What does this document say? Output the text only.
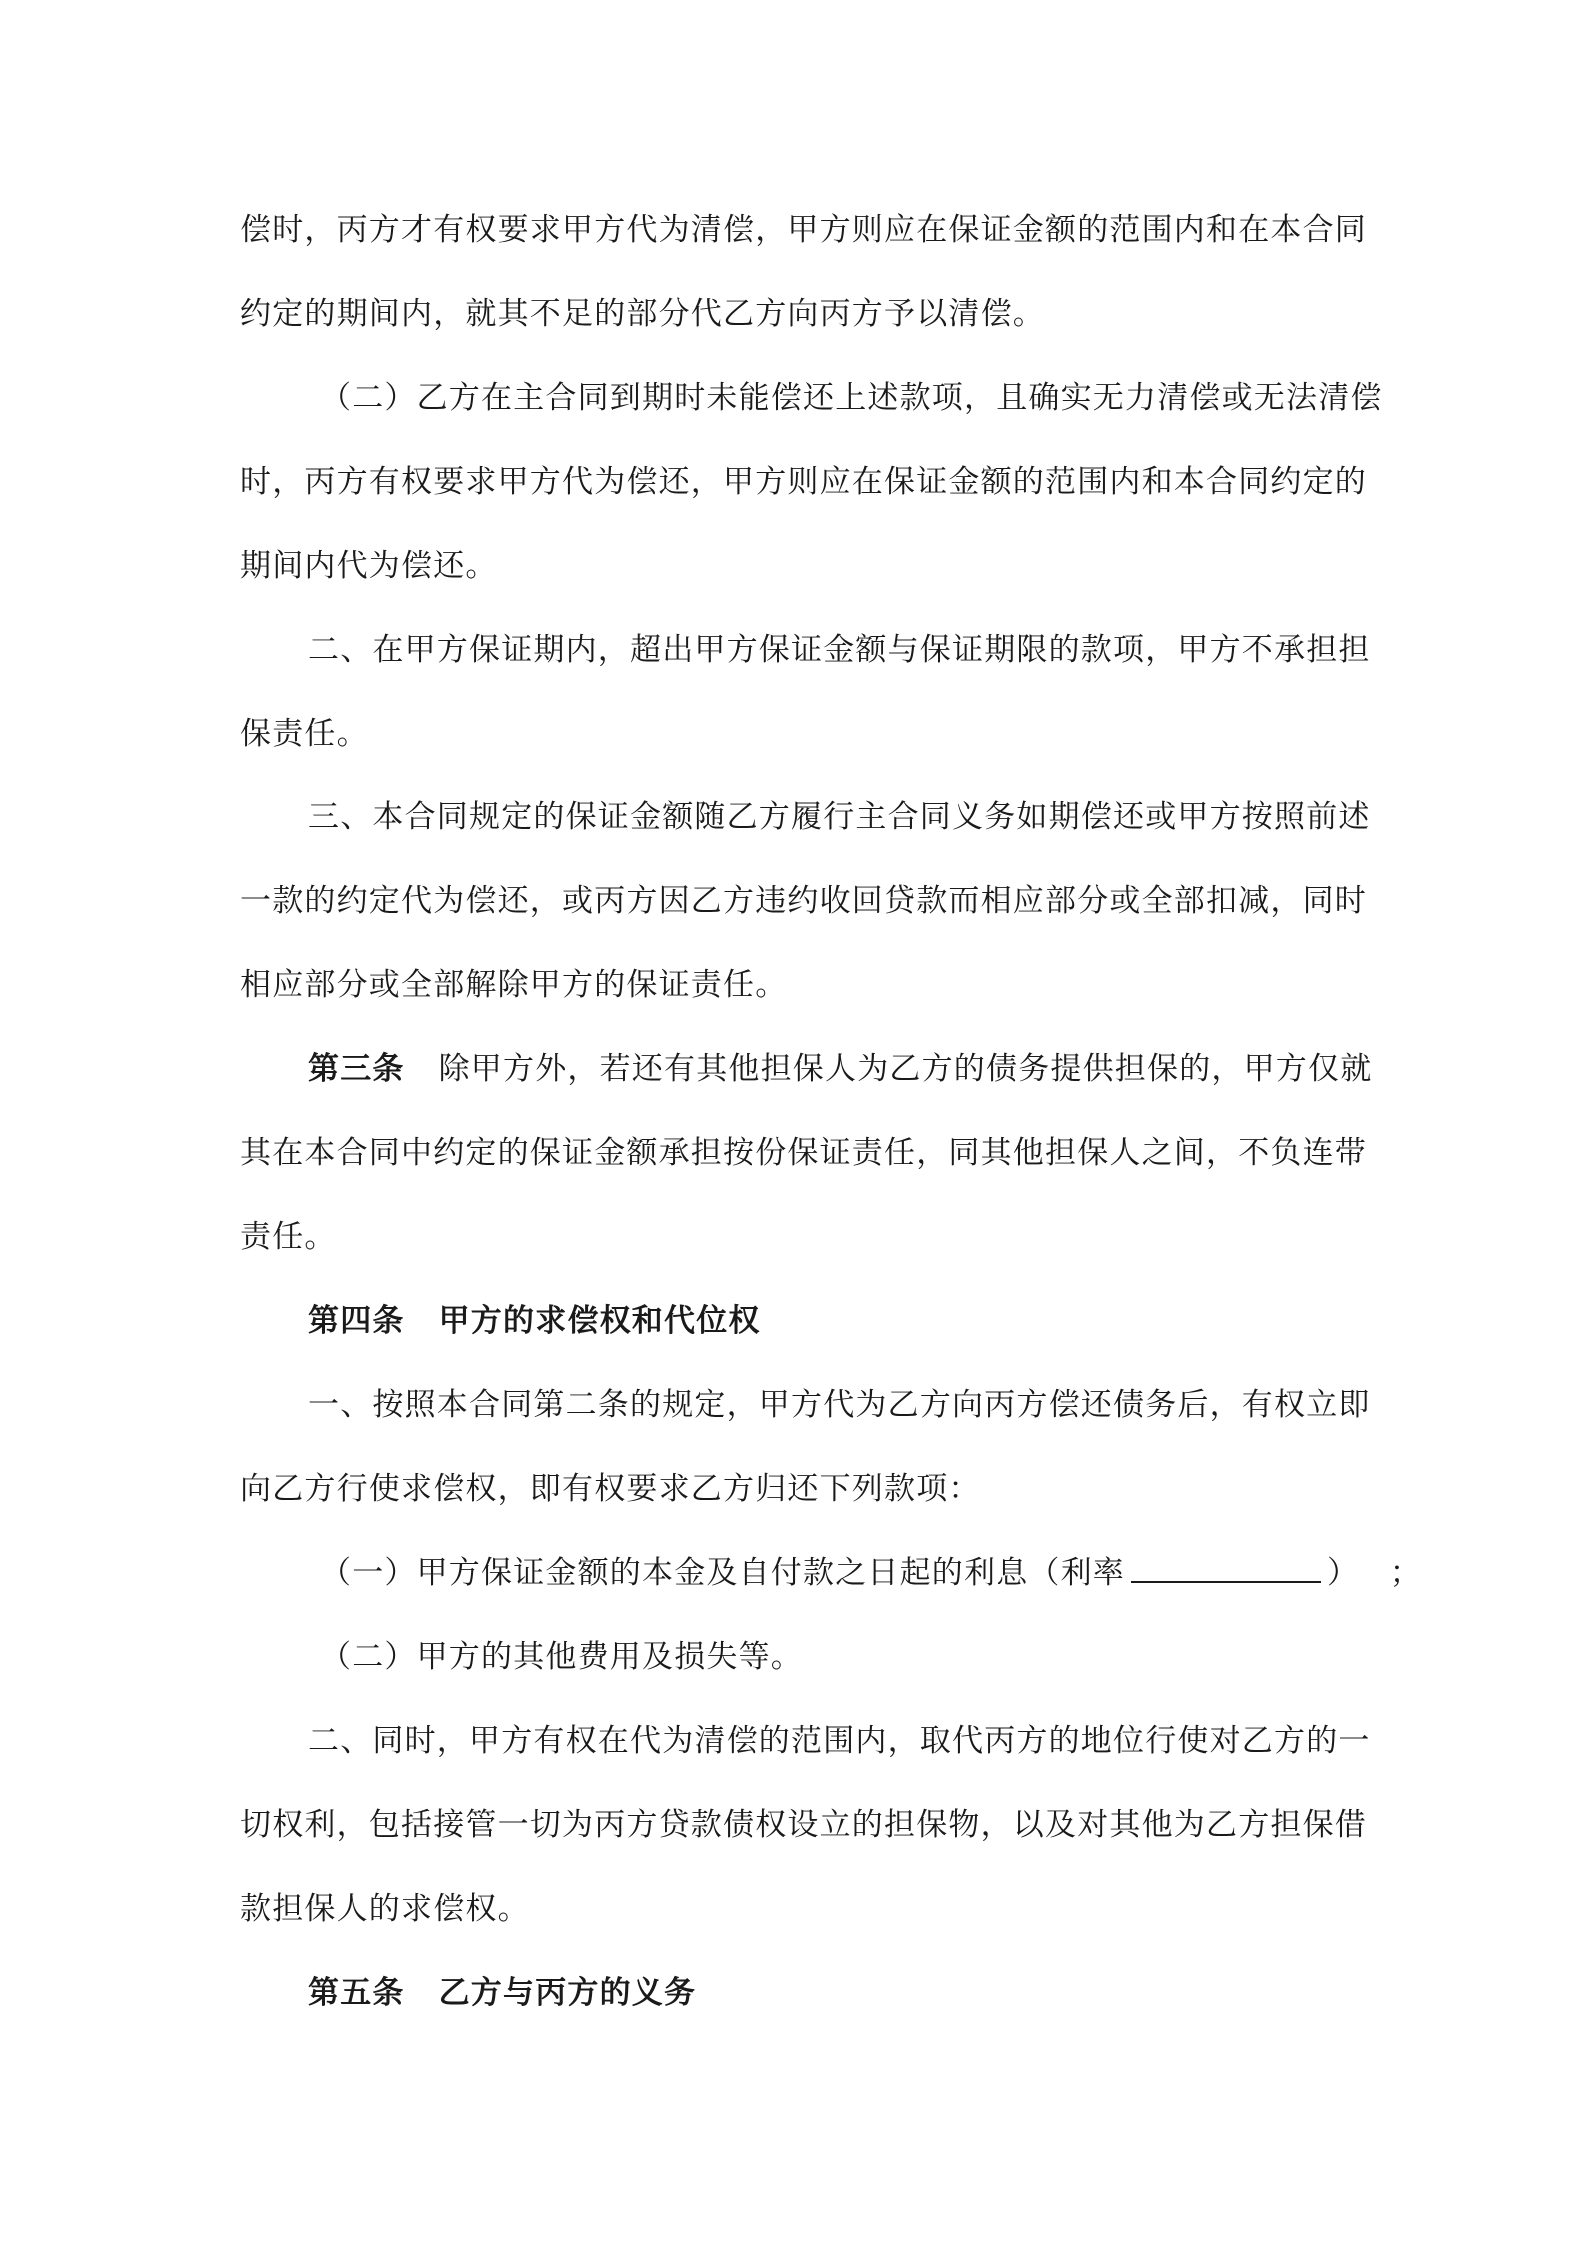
偿时，丙方才有权要求甲方代为清偿，甲方则应在保证金额的范围内和在本合同
约定的期间内，就其不足的部分代乙方向丙方予以清偿。
（二）乙方在主合同到期时未能偿还上述款项，且确实无力清偿或无法清偿
时，丙方有权要求甲方代为偿还，甲方则应在保证金额的范围内和本合同约定的
期间内代为偿还。
二、在甲方保证期内，超出甲方保证金额与保证期限的款项，甲方不承担担
保责任。
三、本合同规定的保证金额随乙方履行主合同义务如期偿还或甲方按照前述
一款的约定代为偿还，或丙方因乙方违约收回贷款而相应部分或全部扣减，同时
相应部分或全部解除甲方的保证责任。
第三条 除甲方外，若还有其他担保人为乙方的债务提供担保的，甲方仅就
其在本合同中约定的保证金额承担按份保证责任，同其他担保人之间，不负连带
责任。
第四条 甲方的求偿权和代位权
一、按照本合同第二条的规定，甲方代为乙方向丙方偿还债务后，有权立即
向乙方行使求偿权，即有权要求乙方归还下列款项：
（一）甲方保证金额的本金及自付款之日起的利息（利率	） ；
（二）甲方的其他费用及损失等。
二、同时，甲方有权在代为清偿的范围内，取代丙方的地位行使对乙方的一
切权利，包括接管一切为丙方贷款债权设立的担保物，以及对其他为乙方担保借
款担保人的求偿权。
第五条 乙方与丙方的义务
